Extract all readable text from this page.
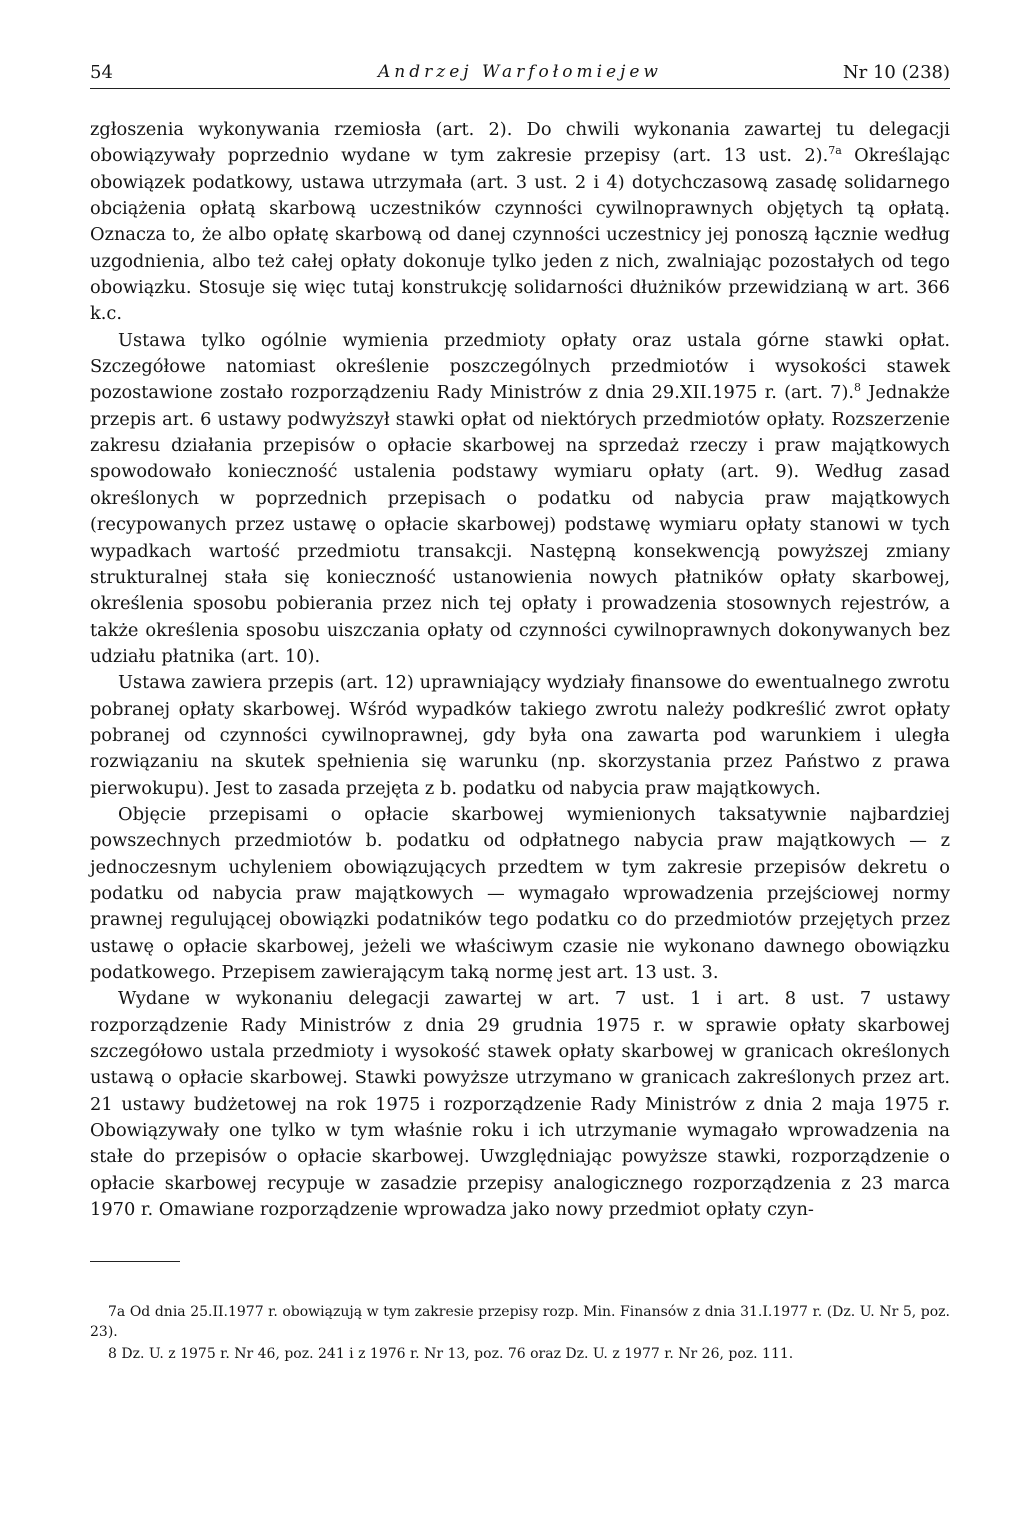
54	Andrzej Warfołomiejew	Nr 10 (238)

zgłoszenia wykonywania rzemiosła (art. 2). Do chwili wykonania zawartej tu delegacji obowiązywały poprzednio wydane w tym zakresie przepisy (art. 13 ust. 2).$^{7a}$ Określając obowiązek podatkowy, ustawa utrzymała (art. 3 ust. 2 i 4) dotychczasową zasadę solidarnego obciążenia opłatą skarbową uczestników czynności cywilnoprawnych objętych tą opłatą. Oznacza to, że albo opłatę skarbową od danej czynności uczestnicy jej ponoszą łącznie według uzgodnienia, albo też całej opłaty dokonuje tylko jeden z nich, zwalniając pozostałych od tego obowiązku. Stosuje się więc tutaj konstrukcję solidarności dłużników przewidzianą w art. 366 k.c.

Ustawa tylko ogólnie wymienia przedmioty opłaty oraz ustala górne stawki opłat. Szczegółowe natomiast określenie poszczególnych przedmiotów i wysokości stawek pozostawione zostało rozporządzeniu Rady Ministrów z dnia 29.XII.1975 r. (art. 7).$^8$ Jednakże przepis art. 6 ustawy podwyższył stawki opłat od niektórych przedmiotów opłaty. Rozszerzenie zakresu działania przepisów o opłacie skarbowej na sprzedaż rzeczy i praw majątkowych spowodowało konieczność ustalenia podstawy wymiaru opłaty (art. 9). Według zasad określonych w poprzednich przepisach o podatku od nabycia praw majątkowych (recypowanych przez ustawę o opłacie skarbowej) podstawę wymiaru opłaty stanowi w tych wypadkach wartość przedmiotu transakcji. Następną konsekwencją powyższej zmiany strukturalnej stała się konieczność ustanowienia nowych płatników opłaty skarbowej, określenia sposobu pobierania przez nich tej opłaty i prowadzenia stosownych rejestrów, a także określenia sposobu uiszczania opłaty od czynności cywilnoprawnych dokonywanych bez udziału płatnika (art. 10).

Ustawa zawiera przepis (art. 12) uprawniający wydziały finansowe do ewentualnego zwrotu pobranej opłaty skarbowej. Wśród wypadków takiego zwrotu należy podkreślić zwrot opłaty pobranej od czynności cywilnoprawnej, gdy była ona zawarta pod warunkiem i uległa rozwiązaniu na skutek spełnienia się warunku (np. skorzystania przez Państwo z prawa pierwokupu). Jest to zasada przejęta z b. podatku od nabycia praw majątkowych.

Objęcie przepisami o opłacie skarbowej wymienionych taksatywnie najbardziej powszechnych przedmiotów b. podatku od odpłatnego nabycia praw majątkowych — z jednoczesnym uchyleniem obowiązujących przedtem w tym zakresie przepisów dekretu o podatku od nabycia praw majątkowych — wymagało wprowadzenia przejściowej normy prawnej regulującej obowiązki podatników tego podatku co do przedmiotów przejętych przez ustawę o opłacie skarbowej, jeżeli we właściwym czasie nie wykonano dawnego obowiązku podatkowego. Przepisem zawierającym taką normę jest art. 13 ust. 3.

Wydane w wykonaniu delegacji zawartej w art. 7 ust. 1 i art. 8 ust. 7 ustawy rozporządzenie Rady Ministrów z dnia 29 grudnia 1975 r. w sprawie opłaty skarbowej szczegółowo ustala przedmioty i wysokość stawek opłaty skarbowej w granicach określonych ustawą o opłacie skarbowej. Stawki powyższe utrzymano w granicach zakreślonych przez art. 21 ustawy budżetowej na rok 1975 i rozporządzenie Rady Ministrów z dnia 2 maja 1975 r. Obowiązywały one tylko w tym właśnie roku i ich utrzymanie wymagało wprowadzenia na stałe do przepisów o opłacie skarbowej. Uwzględniając powyższe stawki, rozporządzenie o opłacie skarbowej recypuje w zasadzie przepisy analogicznego rozporządzenia z 23 marca 1970 r. Omawiane rozporządzenie wprowadza jako nowy przedmiot opłaty czyn-

7a Od dnia 25.II.1977 r. obowiązują w tym zakresie przepisy rozp. Min. Finansów z dnia 31.I.1977 r. (Dz. U. Nr 5, poz. 23).

8 Dz. U. z 1975 r. Nr 46, poz. 241 i z 1976 r. Nr 13, poz. 76 oraz Dz. U. z 1977 r. Nr 26, poz. 111.
